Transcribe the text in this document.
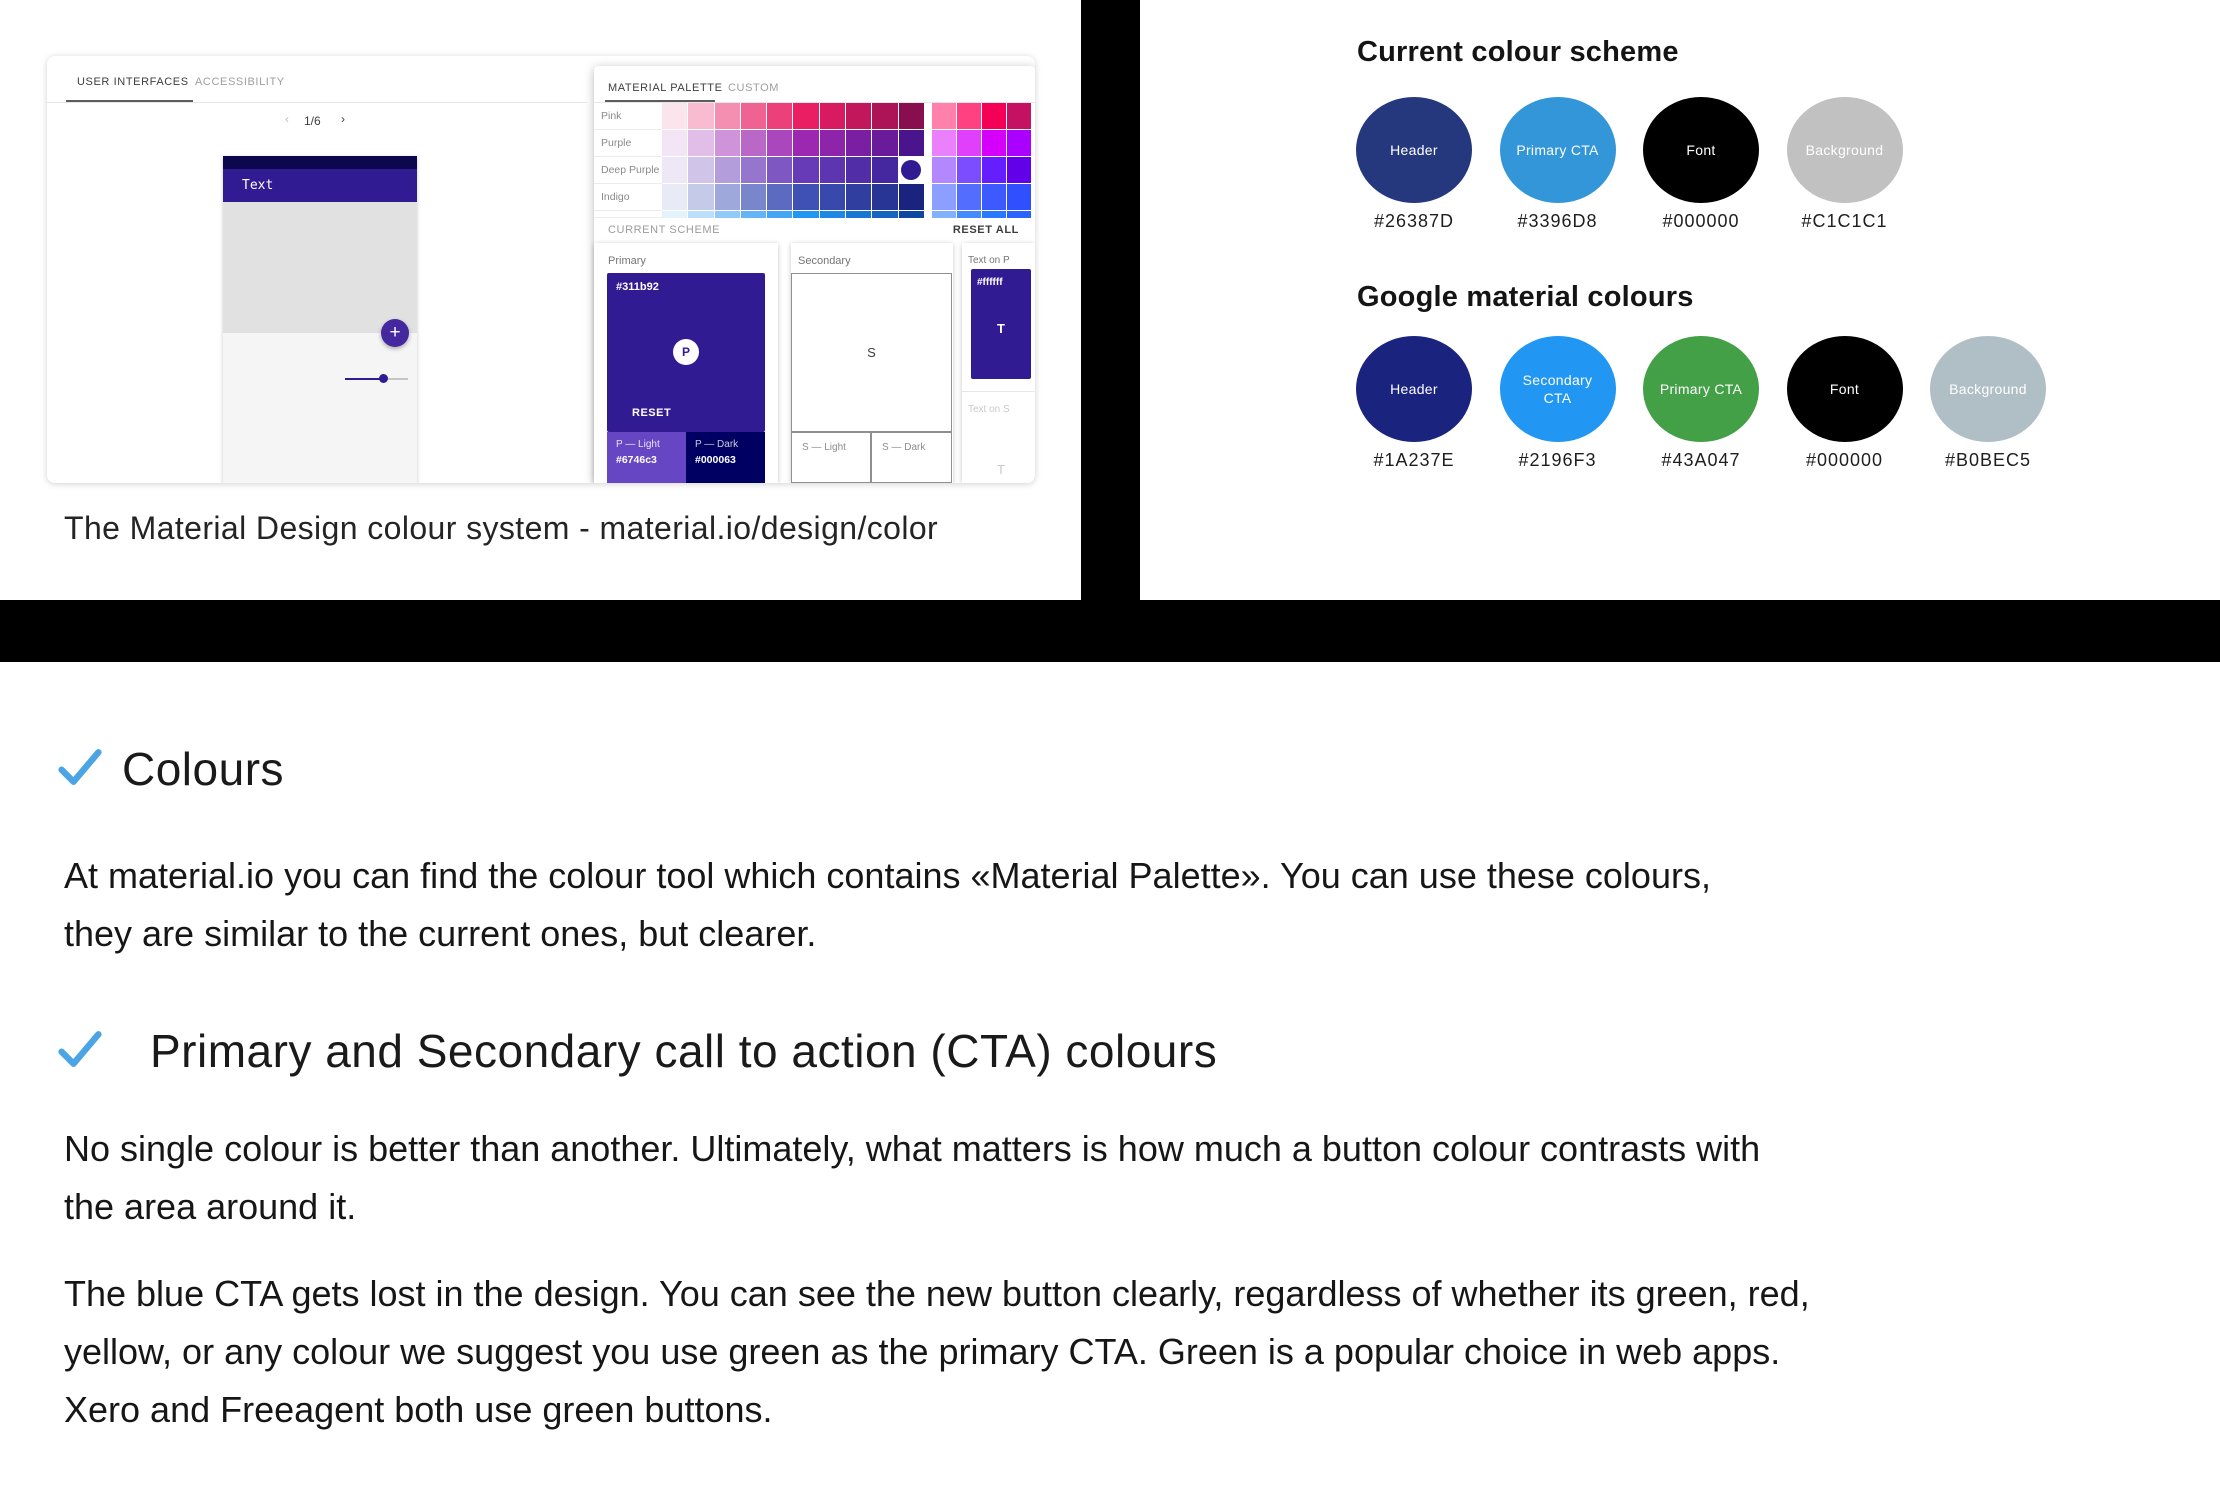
USER INTERFACES ACCESSIBILITY
‹ 1/6 ›
Text
+
MATERIAL PALETTE CUSTOM
Pink
Purple
Deep Purple
Indigo
CURRENT SCHEME	RESET ALL
Primary
#311b92
P
RESET
P — Light
#6746c3
P — Dark
#000063
Secondary
S
S — Light	S — Dark
Text on P
#ffffff
T
Text on S
T
The Material Design colour system - material.io/design/color
Current colour scheme
Header
#26387D
Primary CTA
#3396D8
Font
#000000
Background
#C1C1C1
Google material colours
Header
#1A237E
Secondary CTA
#2196F3
Primary CTA
#43A047
Font
#000000
Background
#B0BEC5
Colours
At material.io you can find the colour tool which contains «Material Palette». You can use these colours,
they are similar to the current ones, but clearer.
Primary and Secondary call to action (CTA) colours
No single colour is better than another. Ultimately, what matters is how much a button colour contrasts with
the area around it.
The blue CTA gets lost in the design. You can see the new button clearly, regardless of whether its green, red,
yellow, or any colour we suggest you use green as the primary CTA. Green is a popular choice in web apps.
Xero and Freeagent both use green buttons.
